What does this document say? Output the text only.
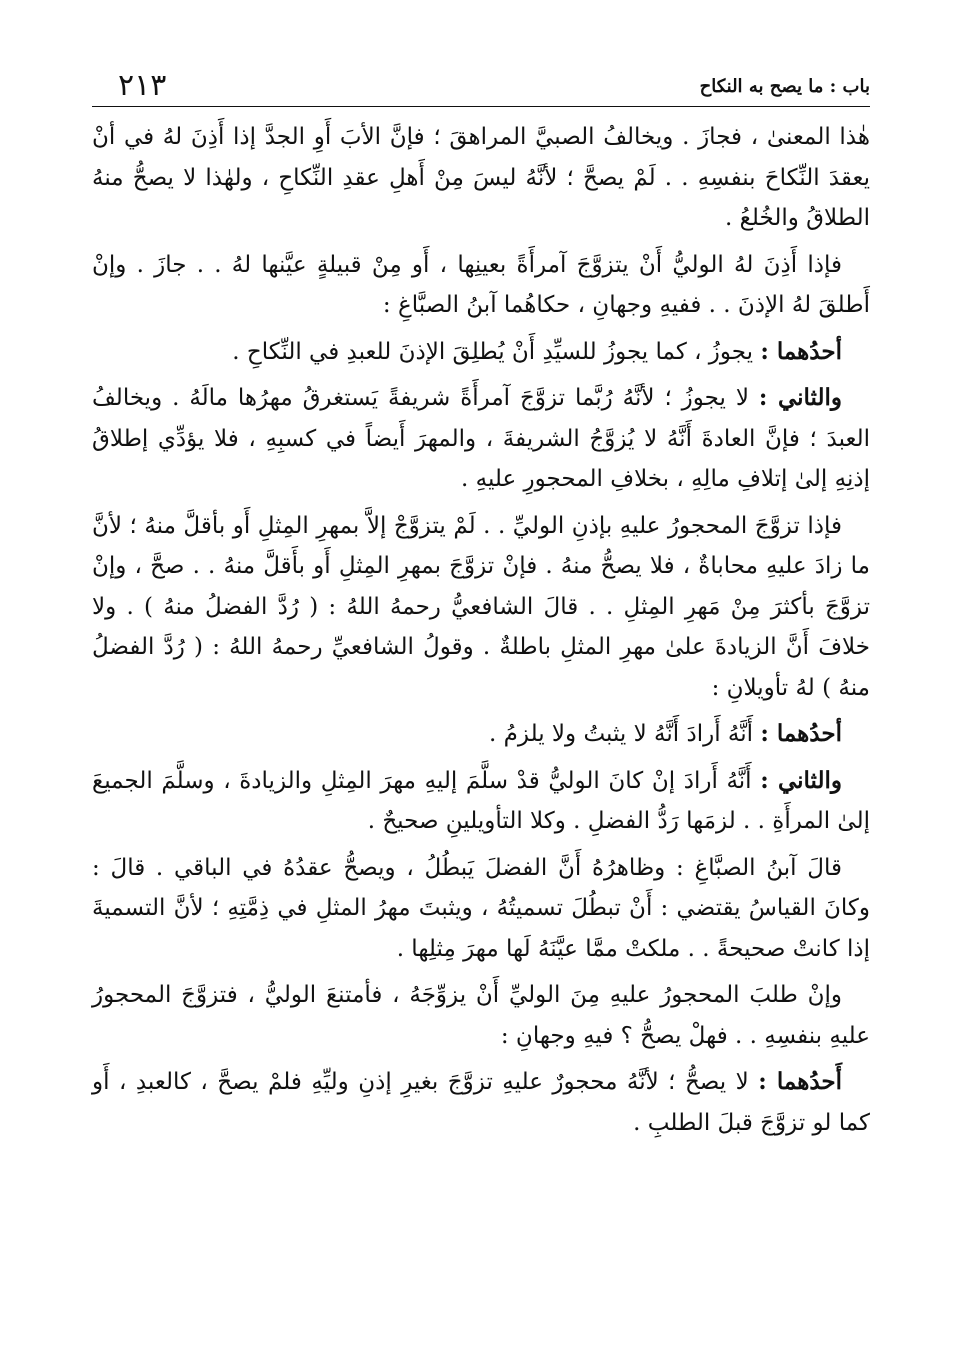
باب : ما يصح به النكاح
٢١٣

هٰذا المعنىٰ ، فجازَ . ويخالفُ الصبيَّ المراهقَ ؛ فإنَّ الأبَ أَوِ الجدَّ إذا أَذِنَ لهُ في أنْ يعقدَ النِّكاحَ بنفسِهِ . . لَمْ يصحَّ ؛ لأنَّهُ ليسَ مِنْ أَهلِ عقدِ النِّكاحِ ، ولهٰذا لا يصحُّ منهُ الطلاقُ والخُلعُ .

فإذا أَذِنَ لهُ الوليُّ أَنْ يتزوَّجَ آمرأَةً بعينِها ، أَو مِنْ قبيلةٍ عيَّنها لهُ . . جازَ . وإنْ أَطلقَ لهُ الإذنَ . . ففيهِ وجهانِ ، حكاهُما آبنُ الصبَّاغِ :

أحدُهما : يجوزُ ، كما يجوزُ للسيِّدِ أَنْ يُطلِقَ الإذنَ للعبدِ في النِّكاحِ .

والثاني : لا يجوزُ ؛ لأنَّهُ رُبَّما تزوَّجَ آمرأَةً شريفةً يَستغرقُ مهرُها مالَهُ . ويخالفُ العبدَ ؛ فإنَّ العادةَ أَنَّهُ لا يُزوَّجُ الشريفةَ ، والمهرَ أَيضاً في كسبِهِ ، فلا يؤدِّي إطلاقُ إذنِهِ إلىٰ إتلافِ مالِهِ ، بخلافِ المحجورِ عليهِ .

فإذا تزوَّجَ المحجورُ عليهِ بإذنِ الوليِّ . . لَمْ يتزوَّجْ إلاَّ بمهرِ المِثلِ أَو بأقلَّ منهُ ؛ لأنَّ ما زادَ عليهِ محاباةٌ ، فلا يصحُّ منهُ . فإنْ تزوَّجَ بمهرِ المِثلِ أَو بأَقلَّ منهُ . . صحَّ ، وإنْ تزوَّجَ بأكثرَ مِنْ مَهرِ المِثلِ . . قالَ الشافعيُّ رحمهُ اللهُ : ( رُدَّ الفضلُ منهُ ) . ولا خلافَ أَنَّ الزيادةَ علىٰ مهرِ المثلِ باطلةٌ . وقولُ الشافعيِّ رحمهُ اللهُ : ( رُدَّ الفضلُ منهُ ) لهُ تأويلانِ :

أحدُهما : أَنَّهُ أَرادَ أَنَّهُ لا يثبتُ ولا يلزمُ .

والثاني : أَنَّهُ أَرادَ إنْ كانَ الوليُّ قدْ سلَّمَ إليهِ مهرَ المِثلِ والزيادةَ ، وسلَّمَ الجميعَ إلىٰ المرأَةِ . . لزمَها رَدُّ الفضلِ . وكلا التأويلينِ صحيحٌ .

قالَ آبنُ الصبَّاغِ : وظاهرُهُ أَنَّ الفضلَ يَبطُلُ ، ويصحُّ عقدُهُ في الباقي . قالَ : وكانَ القياسُ يقتضي : أَنْ تبطُلَ تسميتُهُ ، ويثبتَ مهرُ المثلِ في ذِمَّتِهِ ؛ لأنَّ التسميةَ إذا كانتْ صحيحةً . . ملكتْ ممَّا عيَّنَهُ لَها مهرَ مِثلِها .

وإنْ طلبَ المحجورُ عليهِ مِنَ الوليِّ أَنْ يزوِّجَهُ ، فأمتنعَ الوليُّ ، فتزوَّجَ المحجورُ عليهِ بنفسِهِ . . فهلْ يصحُّ ؟ فيهِ وجهانِ :

أَحدُهما : لا يصحُّ ؛ لأنَّهُ محجورٌ عليهِ تزوَّجَ بغيرِ إذنِ وليِّهِ فلمْ يصحَّ ، كالعبدِ ، أَو كما لو تزوَّجَ قبلَ الطلبِ .
